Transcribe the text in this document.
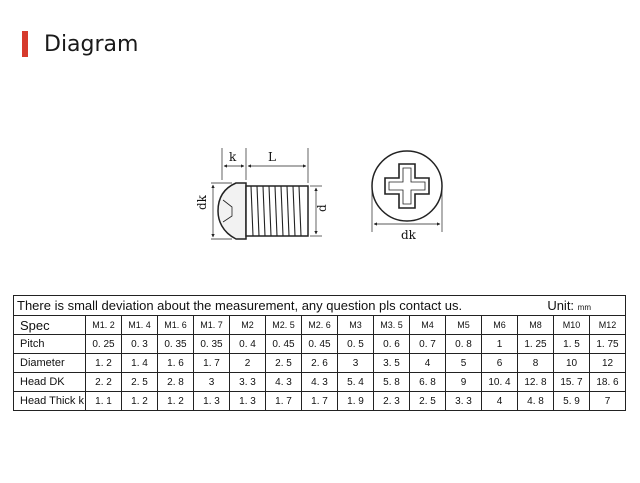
Diagram
k	L
dk	d
dk
There is small deviation about the measurement, any question pls contact us. Unit: mm															

Spec	M1. 2	M1. 4	M1. 6	M1. 7	M2	M2. 5	M2. 6	M3	M3. 5	M4	M5	M6	M8	M10	M12
Pitch	0. 25	0. 3	0. 35	0. 35	0. 4	0. 45	0. 45	0. 5	0. 6	0. 7	0. 8	1	1. 25	1. 5	1. 75
Diameter	1. 2	1. 4	1. 6	1. 7	2	2. 5	2. 6	3	3. 5	4	5	6	8	10	12
Head DK	2. 2	2. 5	2. 8	3	3. 3	4. 3	4. 3	5. 4	5. 8	6. 8	9	10. 4	12. 8	15. 7	18. 6
Head Thick k	1. 1	1. 2	1. 2	1. 3	1. 3	1. 7	1. 7	1. 9	2. 3	2. 5	3. 3	4	4. 8	5. 9	7
